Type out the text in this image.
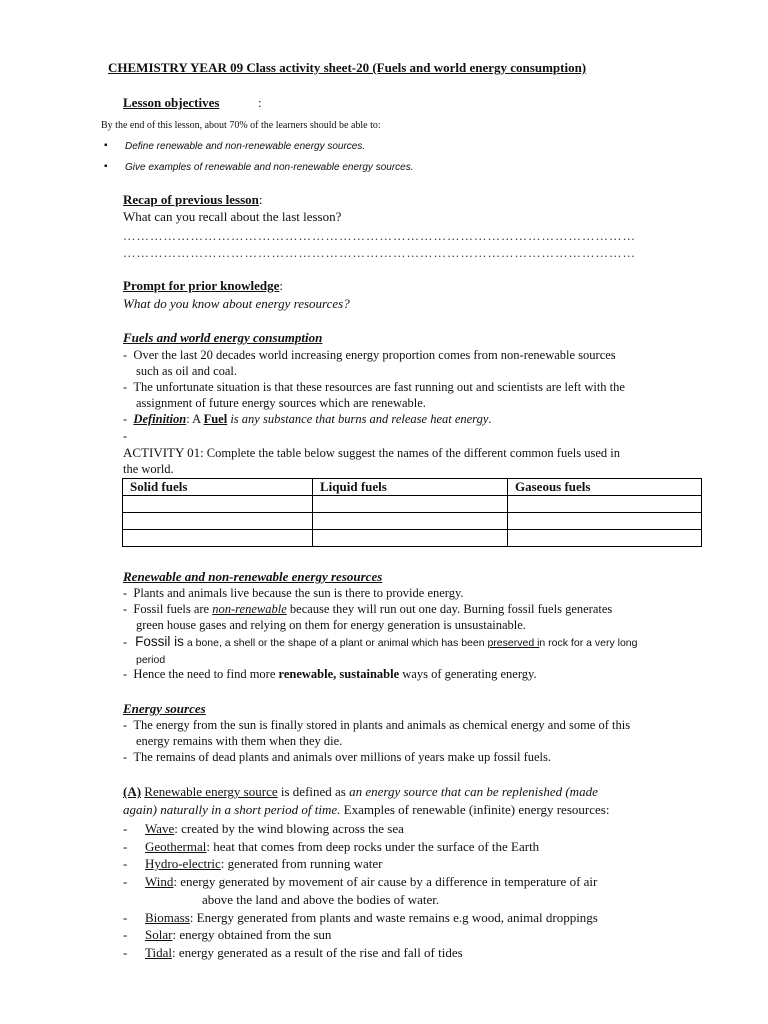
CHEMISTRY YEAR 09 Class activity sheet-20 (Fuels and world energy consumption)
Lesson objectives	:
By the end of this lesson, about 70% of the learners should be able to:
▪ Define renewable and non-renewable energy sources.
▪ Give examples of renewable and non-renewable energy sources.
Recap of previous lesson:
What can you recall about the last lesson?
……………………………………………………………………………………………………
……………………………………………………………………………………………………
Prompt for prior knowledge:
What do you know about energy resources?
Fuels and world energy consumption
- Over the last 20 decades world increasing energy proportion comes from non-renewable sources
such as oil and coal.
- The unfortunate situation is that these resources are fast running out and scientists are left with the
assignment of future energy sources which are renewable.
- Definition: A Fuel is any substance that burns and release heat energy.
-
ACTIVITY 01: Complete the table below suggest the names of the different common fuels used in
the world.
Solid fuels	Liquid fuels	Gaseous fuels

Renewable and non-renewable energy resources
- Plants and animals live because the sun is there to provide energy.
- Fossil fuels are non-renewable because they will run out one day. Burning fossil fuels generates
green house gases and relying on them for energy generation is unsustainable.
- Fossil is a bone, a shell or the shape of a plant or animal which has been preserved in rock for a very long
period
- Hence the need to find more renewable, sustainable ways of generating energy.
Energy sources
- The energy from the sun is finally stored in plants and animals as chemical energy and some of this
energy remains with them when they die.
- The remains of dead plants and animals over millions of years make up fossil fuels.
(A) Renewable energy source is defined as an energy source that can be replenished (made
again) naturally in a short period of time. Examples of renewable (infinite) energy resources:
- Wave: created by the wind blowing across the sea
- Geothermal: heat that comes from deep rocks under the surface of the Earth
- Hydro-electric: generated from running water
- Wind: energy generated by movement of air cause by a difference in temperature of air
above the land and above the bodies of water.
- Biomass: Energy generated from plants and waste remains e.g wood, animal droppings
- Solar: energy obtained from the sun
- Tidal: energy generated as a result of the rise and fall of tides
